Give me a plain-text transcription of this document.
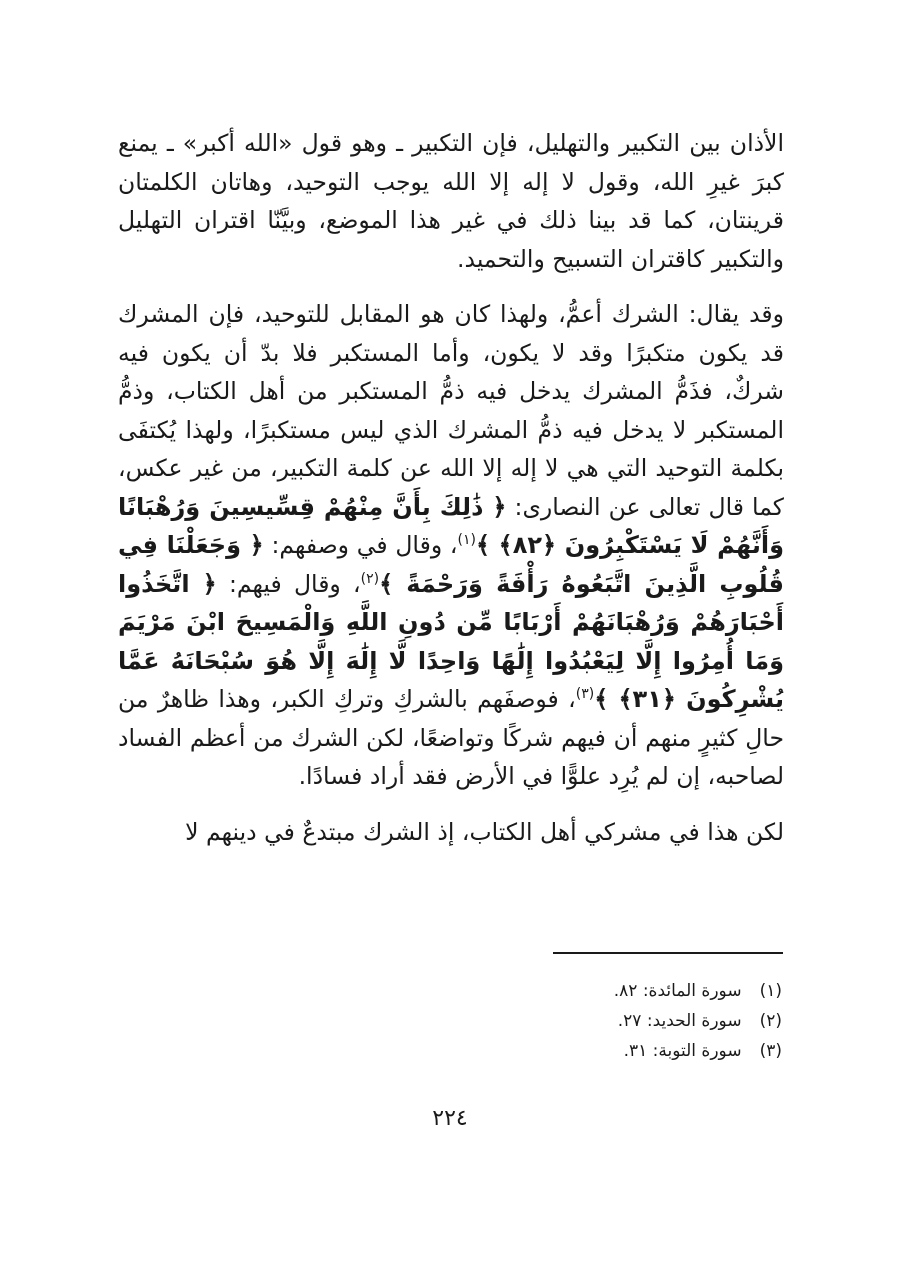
الأذان بين التكبير والتهليل، فإن التكبير ـ وهو قول «الله أكبر» ـ يمنع كبرَ غيرِ الله، وقول لا إله إلا الله يوجب التوحيد، وهاتان الكلمتان قرينتان، كما قد بينا ذلك في غير هذا الموضع، وبيَّنّا اقتران التهليل والتكبير كاقتران التسبيح والتحميد.

وقد يقال: الشرك أعمُّ، ولهذا كان هو المقابل للتوحيد، فإن المشرك قد يكون متكبرًا وقد لا يكون، وأما المستكبر فلا بدّ أن يكون فيه شركٌ، فذَمُّ المشرك يدخل فيه ذمُّ المستكبر من أهل الكتاب، وذمُّ المستكبر لا يدخل فيه ذمُّ المشرك الذي ليس مستكبرًا، ولهذا يُكتفَى بكلمة التوحيد التي هي لا إله إلا الله عن كلمة التكبير، من غير عكس، كما قال تعالى عن النصارى: ﴿ ذَٰلِكَ بِأَنَّ مِنْهُمْ قِسِّيسِينَ وَرُهْبَانًا وَأَنَّهُمْ لَا يَسْتَكْبِرُونَ ﴿٨٢﴾ ﴾$^{(١)}$، وقال في وصفهم: ﴿ وَجَعَلْنَا فِي قُلُوبِ الَّذِينَ اتَّبَعُوهُ رَأْفَةً وَرَحْمَةً ﴾$^{(٢)}$، وقال فيهم: ﴿ اتَّخَذُوا أَحْبَارَهُمْ وَرُهْبَانَهُمْ أَرْبَابًا مِّن دُونِ اللَّهِ وَالْمَسِيحَ ابْنَ مَرْيَمَ وَمَا أُمِرُوا إِلَّا لِيَعْبُدُوا إِلَٰهًا وَاحِدًا لَّا إِلَٰهَ إِلَّا هُوَ سُبْحَانَهُ عَمَّا يُشْرِكُونَ ﴿٣١﴾ ﴾$^{(٣)}$، فوصفَهم بالشركِ وتركِ الكبر، وهذا ظاهرٌ من حالِ كثيرٍ منهم أن فيهم شركًا وتواضعًا، لكن الشرك من أعظم الفساد لصاحبه، إن لم يُرِد علوًّا في الأرض فقد أراد فسادًا.

لكن هذا في مشركي أهل الكتاب، إذ الشرك مبتدعٌ في دينهم لا

(١)
سورة المائدة: ٨٢.
(٢)
سورة الحديد: ٢٧.
(٣)
سورة التوبة: ٣١.
٢٢٤
